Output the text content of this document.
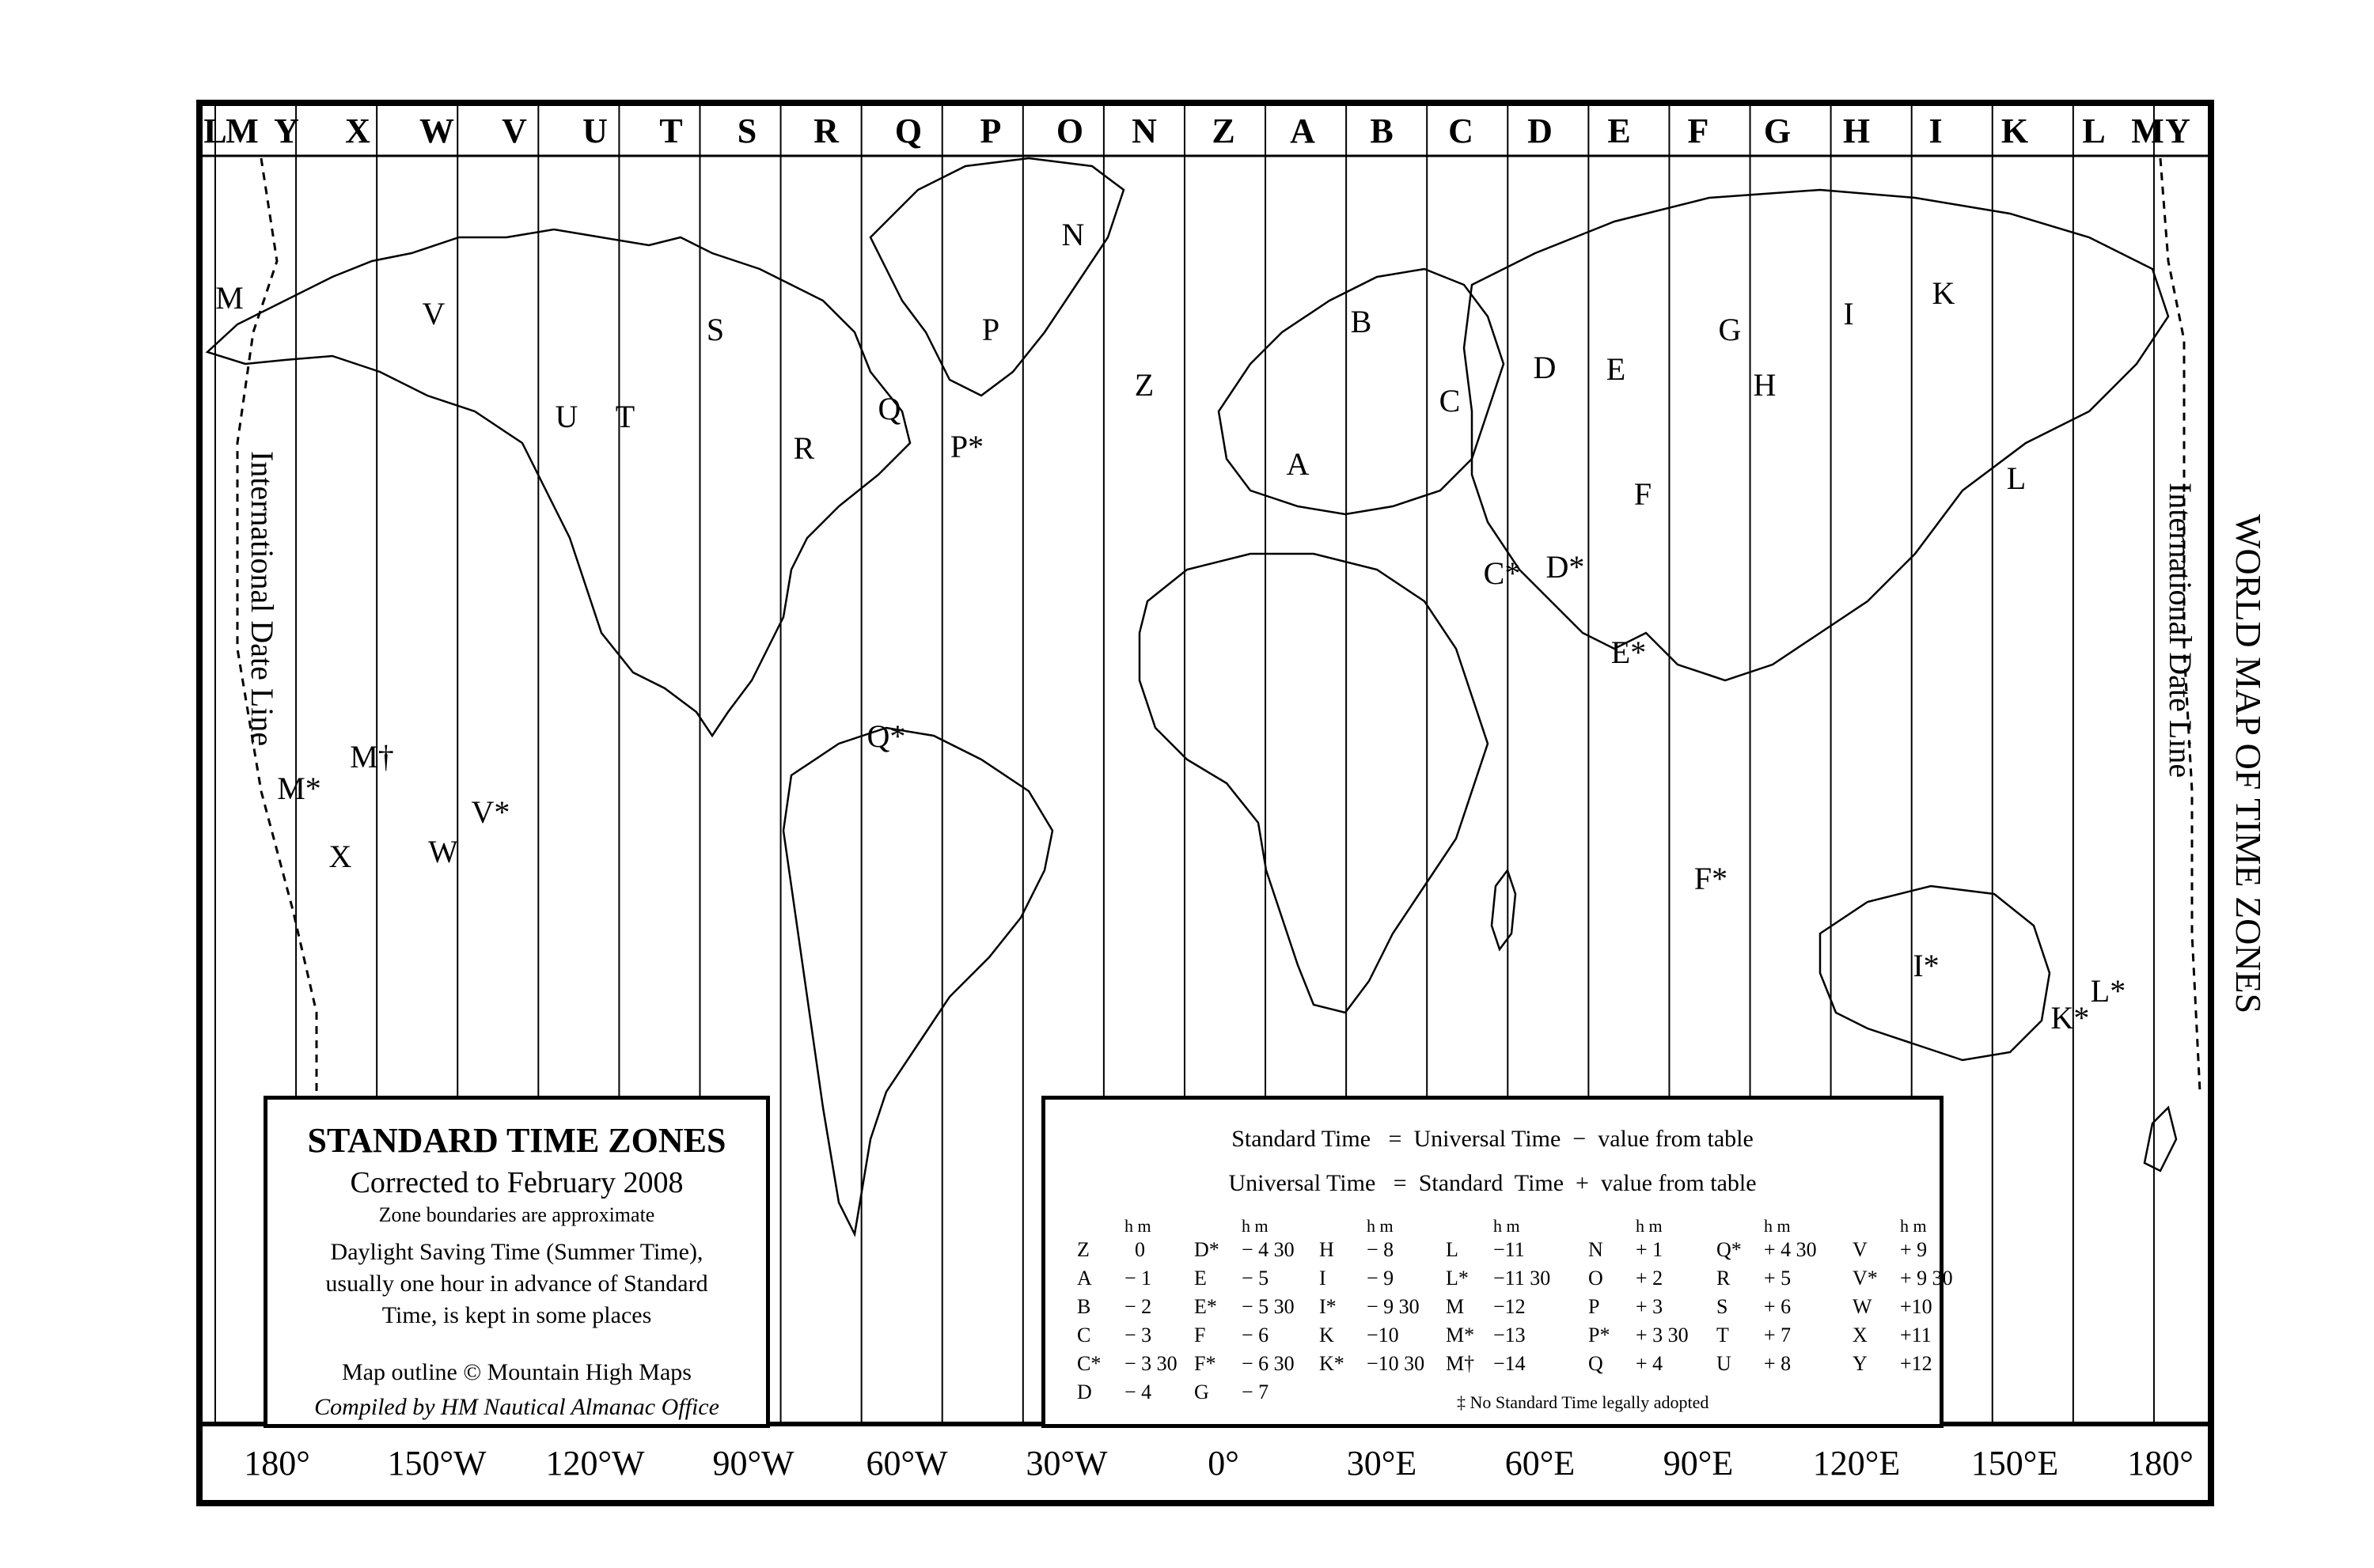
International Date Line	International Date Line
L
M Y X W V U T S R Q P O N Z A B C D E F G H I K L M Y
180° 150°W 120°W 90°W 60°W 30°W	0°	30°E	60°E	90°E 120°E 150°E 180°
M	V
U T
S
R
Q
P
P*
N
Z
A
B
C
C*
D
D*
E
E*
F
F*
G
H
I
I*
K
K*
L
L*
M*
M†
V*
W
X
Q*	WORLD MAP OF TIME ZONES

STANDARD TIME ZONES

Corrected to February 2008

Zone boundaries are approximate

Daylight Saving Time (Summer Time),
usually one hour in advance of Standard
Time, is kept in some places

Map outline © Mountain High Maps
Compiled by HM Nautical Almanac Office

Standard Time   =  Universal Time  −  value from table
Universal Time   =  Standard  Time  +  value from table
h m
Z	0
A	− 1
B	− 2
C	− 3
C*	− 3 30
D	− 4
h m
D*	− 4 30
E	− 5
E*	− 5 30
F	− 6
F*	− 6 30
G	− 7
h m
H	− 8
I	− 9
I*	− 9 30
K	−10
K*	−10 30
h m
L	−11
L*	−11 30
M	−12
M* −13
M† −14
h m
N	+ 1
O	+ 2
P	+ 3
P*	+ 3 30
Q	+ 4
h m
Q*	+ 4 30
R	+ 5
S	+ 6
T	+ 7
U	+ 8
h m
V	+ 9
V*	+ 9 30
W	+10
X	+11
Y	+12
‡ No Standard Time legally adopted
